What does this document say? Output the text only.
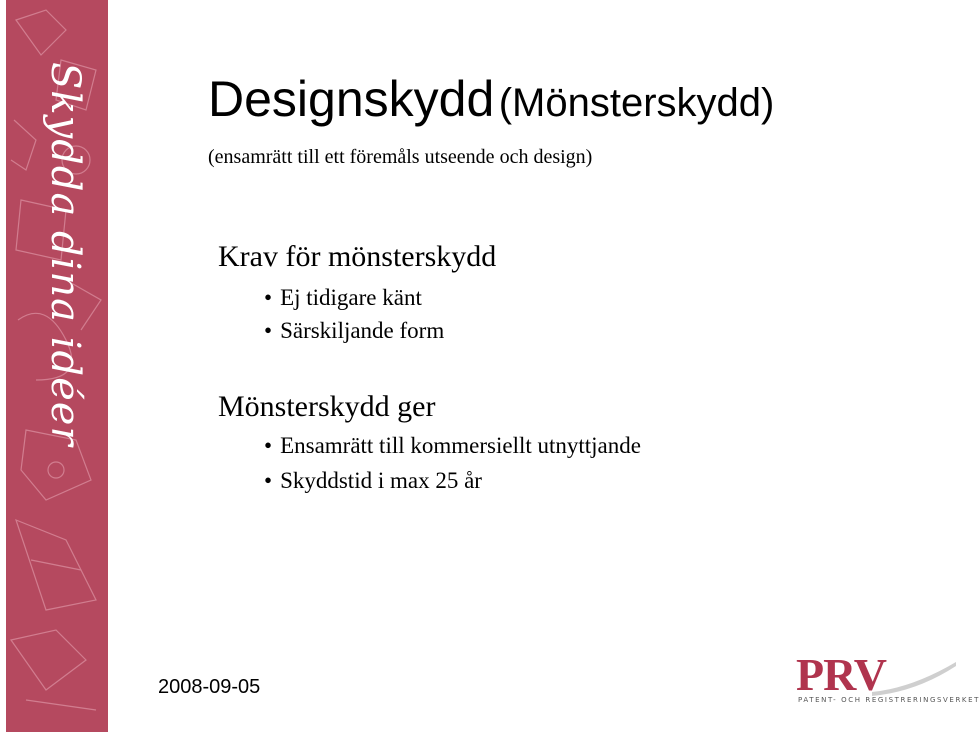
Skydda dina idéer Designskydd (Mönsterskydd)
(ensamrätt till ett föremåls utseende och design)
Krav för mönsterskydd
• Ej tidigare känt
• Särskiljande form
Mönsterskydd ger
• Ensamrätt till kommersiellt utnyttjande
• Skyddstid i max 25 år
2008-09-05	PRV
PATENT- OCH REGISTRERINGSVERKET
